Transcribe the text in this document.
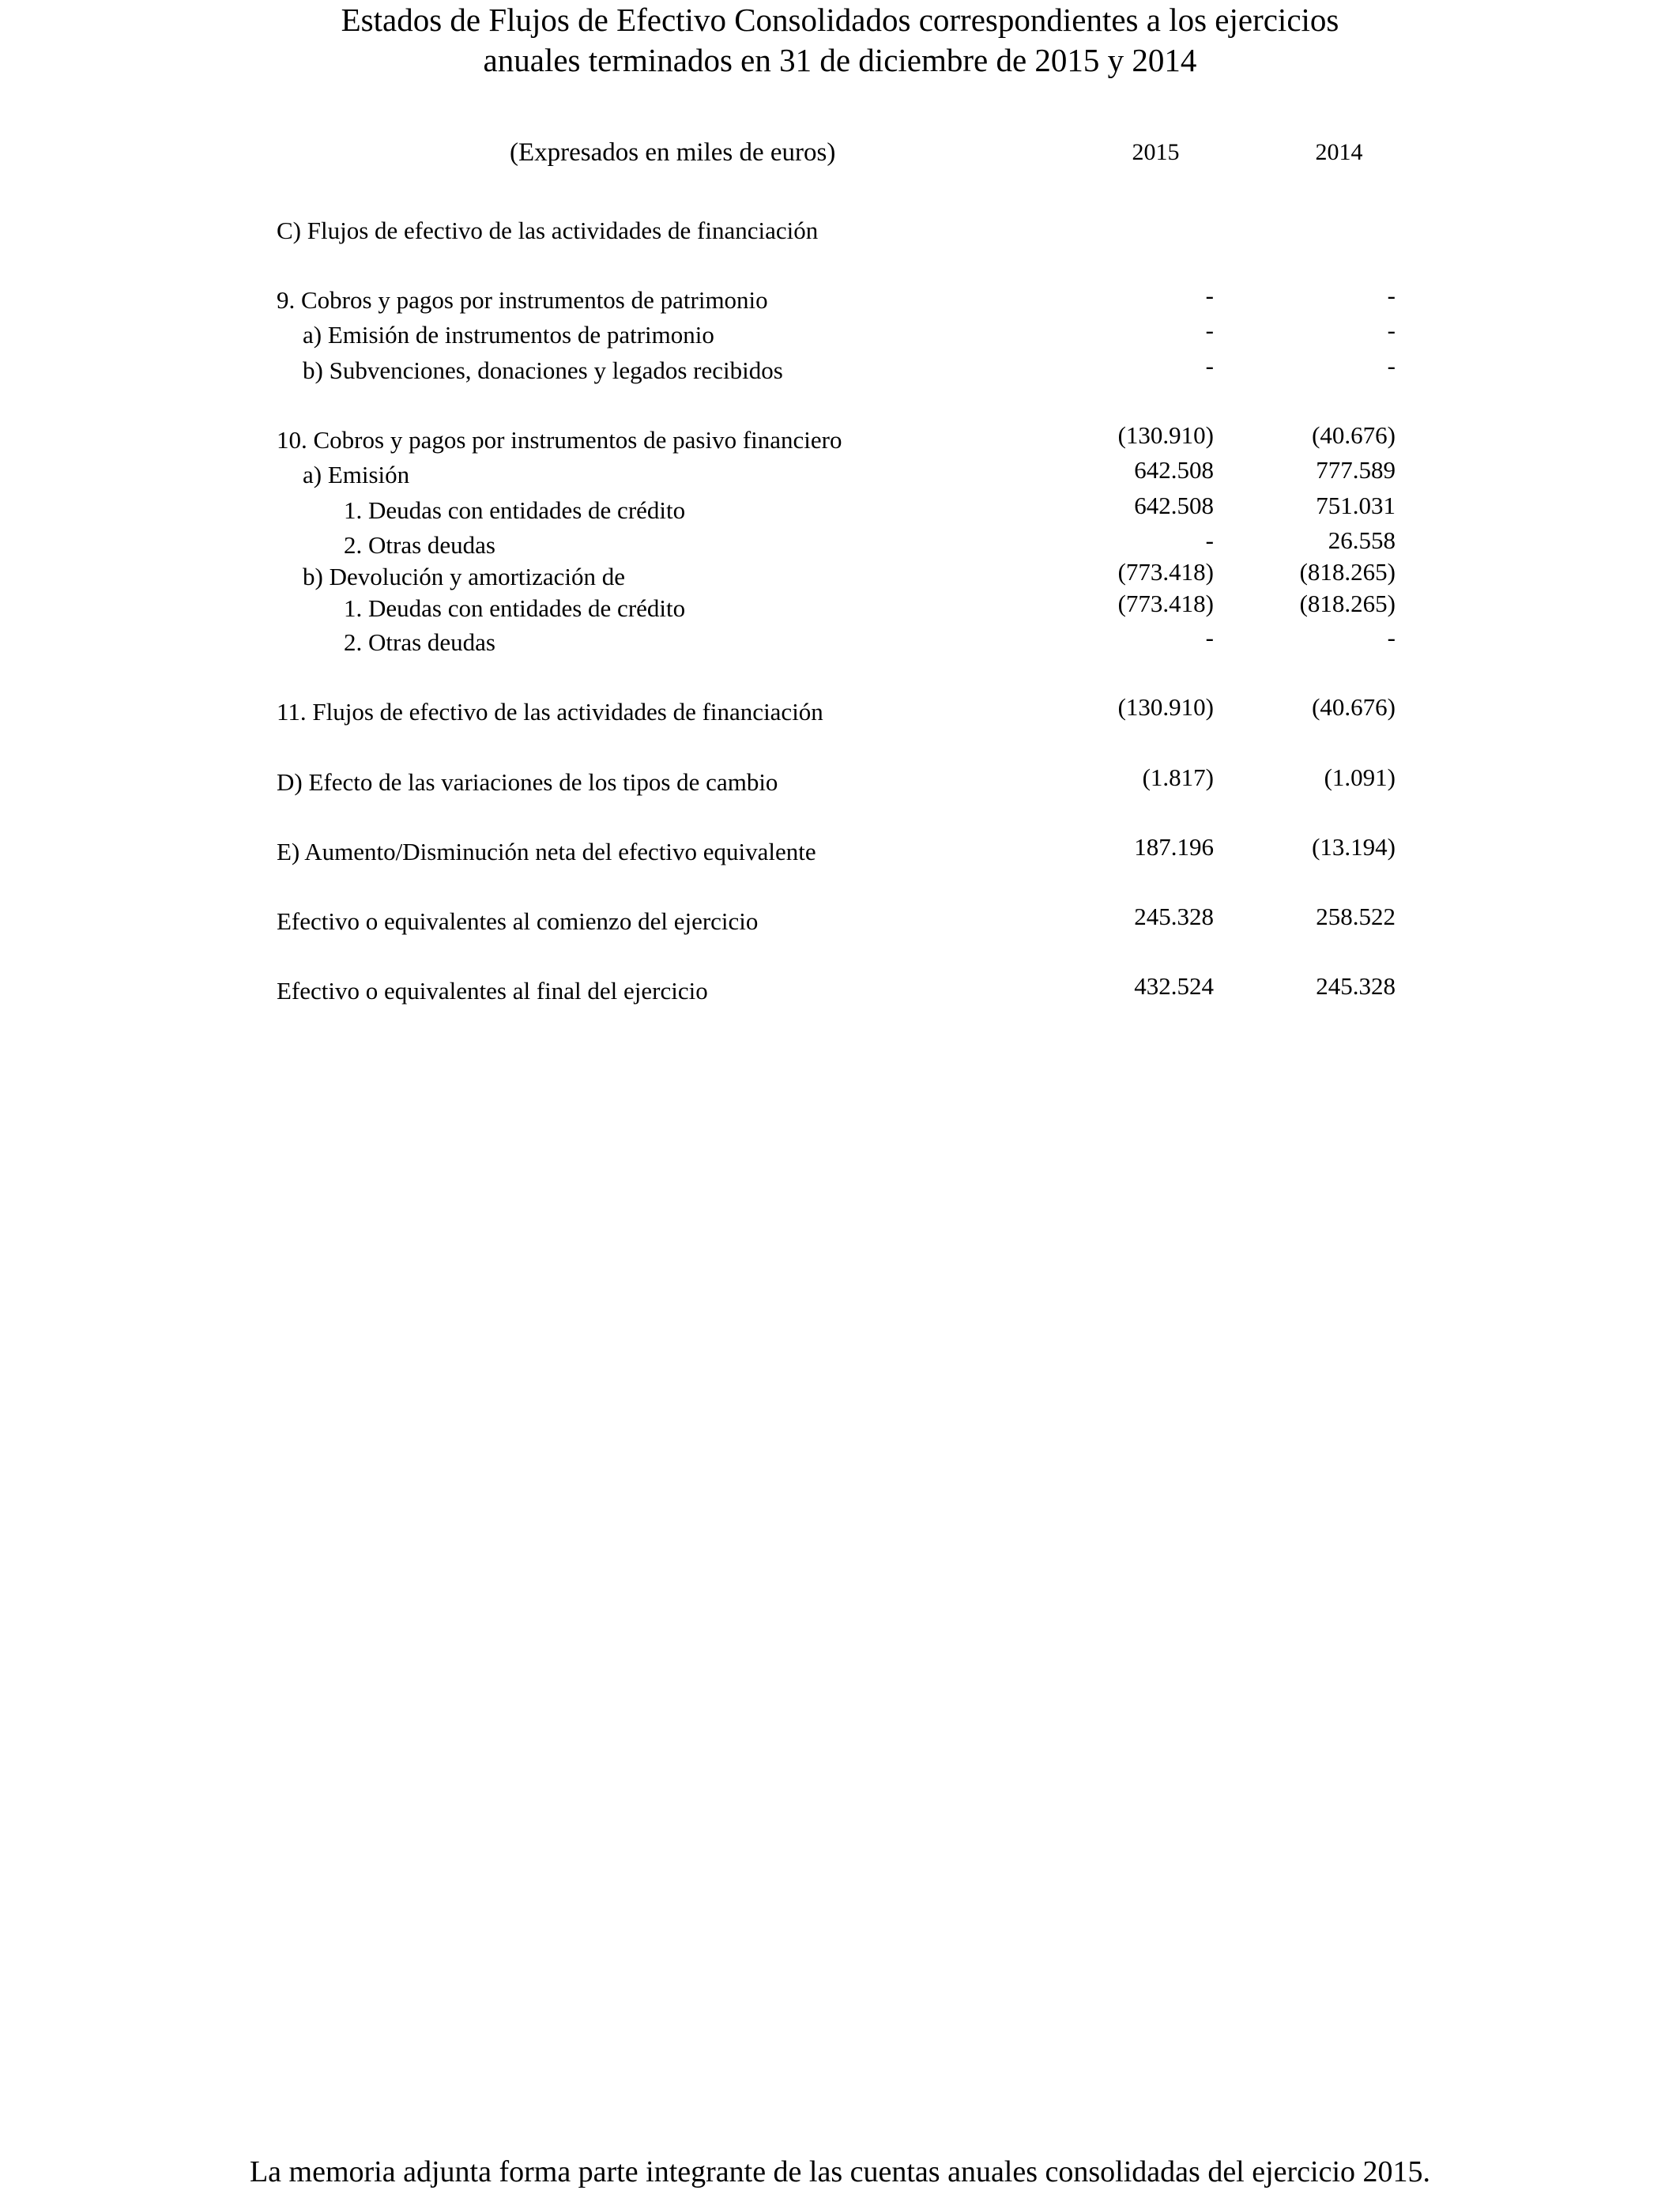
Estados de Flujos de Efectivo Consolidados correspondientes a los ejercicios
anuales terminados en 31 de diciembre de 2015 y 2014
(Expresados en miles de euros)	2015	2014
C) Flujos de efectivo de las actividades de financiación
9. Cobros y pagos por instrumentos de patrimonio	-	-
a) Emisión de instrumentos de patrimonio	-	-
b) Subvenciones, donaciones y legados recibidos	-	-
10. Cobros y pagos por instrumentos de pasivo financiero	(130.910)	(40.676)
a) Emisión	642.508	777.589
1. Deudas con entidades de crédito	642.508	751.031
2. Otras deudas	-	26.558
b) Devolución y amortización de	(773.418)	(818.265)
1. Deudas con entidades de crédito	(773.418)	(818.265)
2. Otras deudas	-	-
11. Flujos de efectivo de las actividades de financiación	(130.910)	(40.676)
D) Efecto de las variaciones de los tipos de cambio	(1.817)	(1.091)
E) Aumento/Disminución neta del efectivo equivalente	187.196	(13.194)
Efectivo o equivalentes al comienzo del ejercicio	245.328	258.522
Efectivo o equivalentes al final del ejercicio	432.524	245.328
La memoria adjunta forma parte integrante de las cuentas anuales consolidadas del ejercicio 2015.
